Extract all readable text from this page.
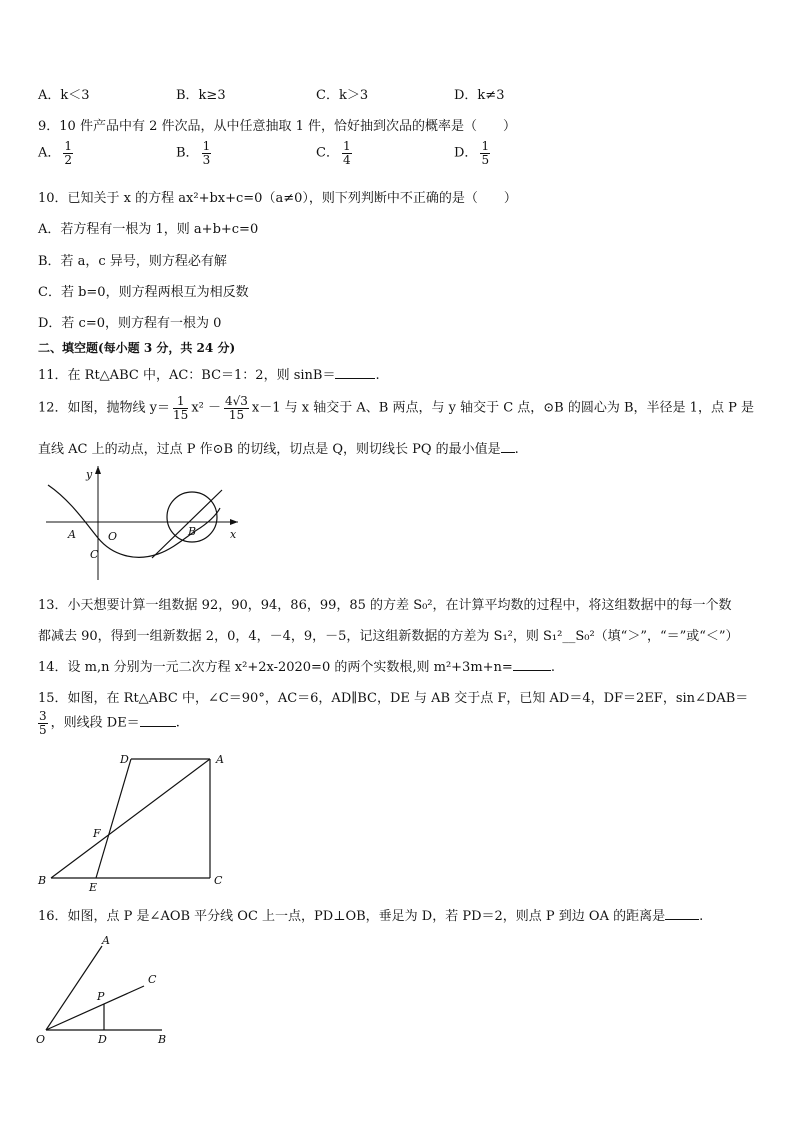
A．k＜3	B．k≥3	C．k＞3	D．k≠3
9．10 件产品中有 2 件次品，从中任意抽取 1 件，恰好抽到次品的概率是（　　）
A． $\frac{1}{2}$	B． $\frac{1}{3}$	C． $\frac{1}{4}$	D． $\frac{1}{5}$
10．已知关于 x 的方程 ax²+bx+c=0（a≠0），则下列判断中不正确的是（　　）
A．若方程有一根为 1，则 a+b+c=0
B．若 a，c 异号，则方程必有解
C．若 b=0，则方程两根互为相反数
D．若 c=0，则方程有一根为 0
二、填空题(每小题 3 分，共 24 分)
11．在 Rt△ABC 中，AC：BC＝1：2，则 sinB＝	.
12．如图，抛物线 $y= \frac{1}{15} x^2 - \frac{4√3}{15} x-1$ 与 x 轴交于 A、B 两点，与 y 轴交于 C 点，⊙B 的圆心为 B，半径是 1，点 P 是
直线 AC 上的动点，过点 P 作⊙B 的切线，切点是 Q，则切线长 PQ 的最小值是 .
y
x
A	O	B
C
13．小天想要计算一组数据 92，90，94，86，99，85 的方差 S₀²，在计算平均数的过程中，将这组数据中的每一个数
都减去 90，得到一组新数据 2，0，4，－4，9，－5，记这组新数据的方差为 S₁²，则 S₁²__S₀²（填“＞”，“＝”或“＜”）
14．设 m,n 分别为一元二次方程 x²+2x-2020=0 的两个实数根,则 m²+3m+n=	.
15．如图，在 Rt△ABC 中，∠C＝90°，AC＝6，AD∥BC，DE 与 AB 交于点 F，已知 AD＝4，DF＝2EF，sin∠DAB＝
$\frac{3}{5}$ ，则线段 DE＝	.
D	A
F
B
E
C
16．如图，点 P 是∠AOB 平分线 OC 上一点，PD⊥OB，垂足为 D，若 PD＝2，则点 P 到边 OA 的距离是	.
A
C
P
O	D	B
